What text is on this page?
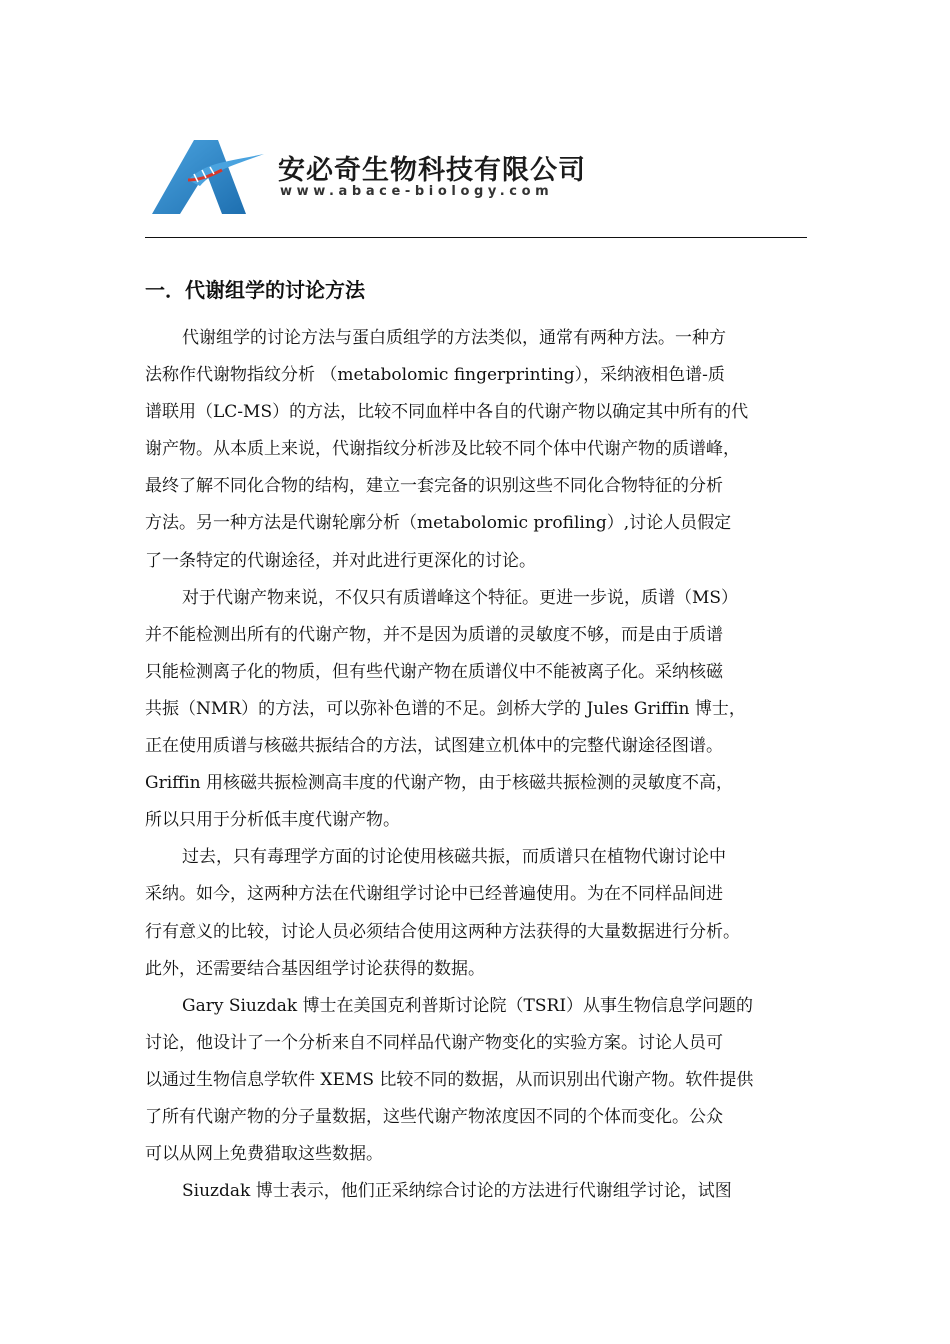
安必奇生物科技有限公司
www.abace-biology.com
一．代谢组学的讨论方法
代谢组学的讨论方法与蛋白质组学的方法类似，通常有两种方法。一种方
法称作代谢物指纹分析 （metabolomic fingerprinting），采纳液相色谱-质
谱联用（LC-MS）的方法，比较不同血样中各自的代谢产物以确定其中所有的代
谢产物。从本质上来说，代谢指纹分析涉及比较不同个体中代谢产物的质谱峰，
最终了解不同化合物的结构，建立一套完备的识别这些不同化合物特征的分析
方法。另一种方法是代谢轮廓分析（metabolomic profiling）,讨论人员假定
了一条特定的代谢途径，并对此进行更深化的讨论。
对于代谢产物来说，不仅只有质谱峰这个特征。更进一步说，质谱（MS）
并不能检测出所有的代谢产物，并不是因为质谱的灵敏度不够，而是由于质谱
只能检测离子化的物质，但有些代谢产物在质谱仪中不能被离子化。采纳核磁
共振（NMR）的方法，可以弥补色谱的不足。剑桥大学的 Jules Griffin 博士，
正在使用质谱与核磁共振结合的方法，试图建立机体中的完整代谢途径图谱。
Griffin 用核磁共振检测高丰度的代谢产物，由于核磁共振检测的灵敏度不高，
所以只用于分析低丰度代谢产物。
过去，只有毒理学方面的讨论使用核磁共振，而质谱只在植物代谢讨论中
采纳。如今，这两种方法在代谢组学讨论中已经普遍使用。为在不同样品间进
行有意义的比较，讨论人员必须结合使用这两种方法获得的大量数据进行分析。
此外，还需要结合基因组学讨论获得的数据。
Gary Siuzdak 博士在美国克利普斯讨论院（TSRI）从事生物信息学问题的
讨论，他设计了一个分析来自不同样品代谢产物变化的实验方案。讨论人员可
以通过生物信息学软件 XEMS 比较不同的数据，从而识别出代谢产物。软件提供
了所有代谢产物的分子量数据，这些代谢产物浓度因不同的个体而变化。公众
可以从网上免费猎取这些数据。
Siuzdak 博士表示，他们正采纳综合讨论的方法进行代谢组学讨论，试图
